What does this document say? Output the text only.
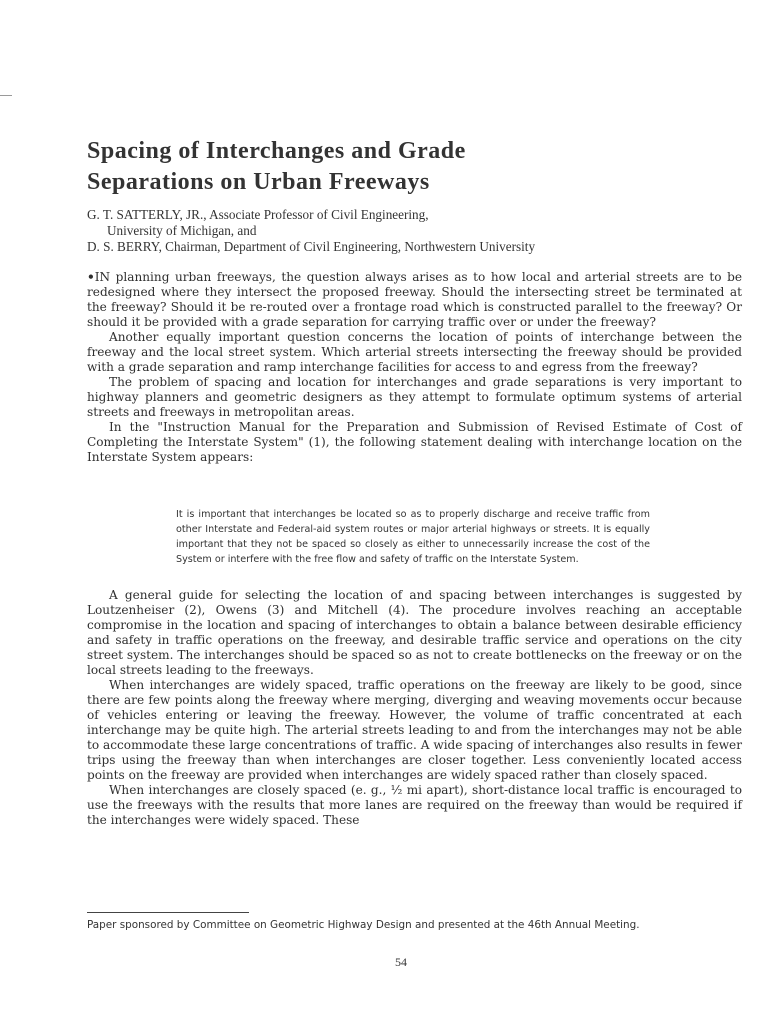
Spacing of Interchanges and Grade
Separations on Urban Freeways
G. T. SATTERLY, JR., Associate Professor of Civil Engineering,
University of Michigan, and
D. S. BERRY, Chairman, Department of Civil Engineering, Northwestern University

•IN planning urban freeways, the question always arises as to how local and arterial streets are to be redesigned where they intersect the proposed freeway. Should the intersecting street be terminated at the freeway? Should it be re-routed over a frontage road which is constructed parallel to the freeway? Or should it be provided with a grade separation for carrying traffic over or under the freeway?

Another equally important question concerns the location of points of interchange between the freeway and the local street system. Which arterial streets intersecting the freeway should be provided with a grade separation and ramp interchange facilities for access to and egress from the freeway?

The problem of spacing and location for interchanges and grade separations is very important to highway planners and geometric designers as they attempt to formulate optimum systems of arterial streets and freeways in metropolitan areas.

In the "Instruction Manual for the Preparation and Submission of Revised Estimate of Cost of Completing the Interstate System" (1), the following statement dealing with interchange location on the Interstate System appears:

It is important that interchanges be located so as to properly discharge and receive traffic from other Interstate and Federal-aid system routes or major arterial highways or streets. It is equally important that they not be spaced so closely as either to unnecessarily increase the cost of the System or interfere with the free flow and safety of traffic on the Interstate System.

A general guide for selecting the location of and spacing between interchanges is suggested by Loutzenheiser (2), Owens (3) and Mitchell (4). The procedure involves reaching an acceptable compromise in the location and spacing of interchanges to obtain a balance between desirable efficiency and safety in traffic operations on the freeway, and desirable traffic service and operations on the city street system. The interchanges should be spaced so as not to create bottlenecks on the freeway or on the local streets leading to the freeways.

When interchanges are widely spaced, traffic operations on the freeway are likely to be good, since there are few points along the freeway where merging, diverging and weaving movements occur because of vehicles entering or leaving the freeway. However, the volume of traffic concentrated at each interchange may be quite high. The arterial streets leading to and from the interchanges may not be able to accommodate these large concentrations of traffic. A wide spacing of interchanges also results in fewer trips using the freeway than when interchanges are closer together. Less conveniently located access points on the freeway are provided when interchanges are widely spaced rather than closely spaced.

When interchanges are closely spaced (e. g., ½ mi apart), short-distance local traffic is encouraged to use the freeways with the results that more lanes are required on the freeway than would be required if the interchanges were widely spaced. These

Paper sponsored by Committee on Geometric Highway Design and presented at the 46th Annual Meeting.
54
